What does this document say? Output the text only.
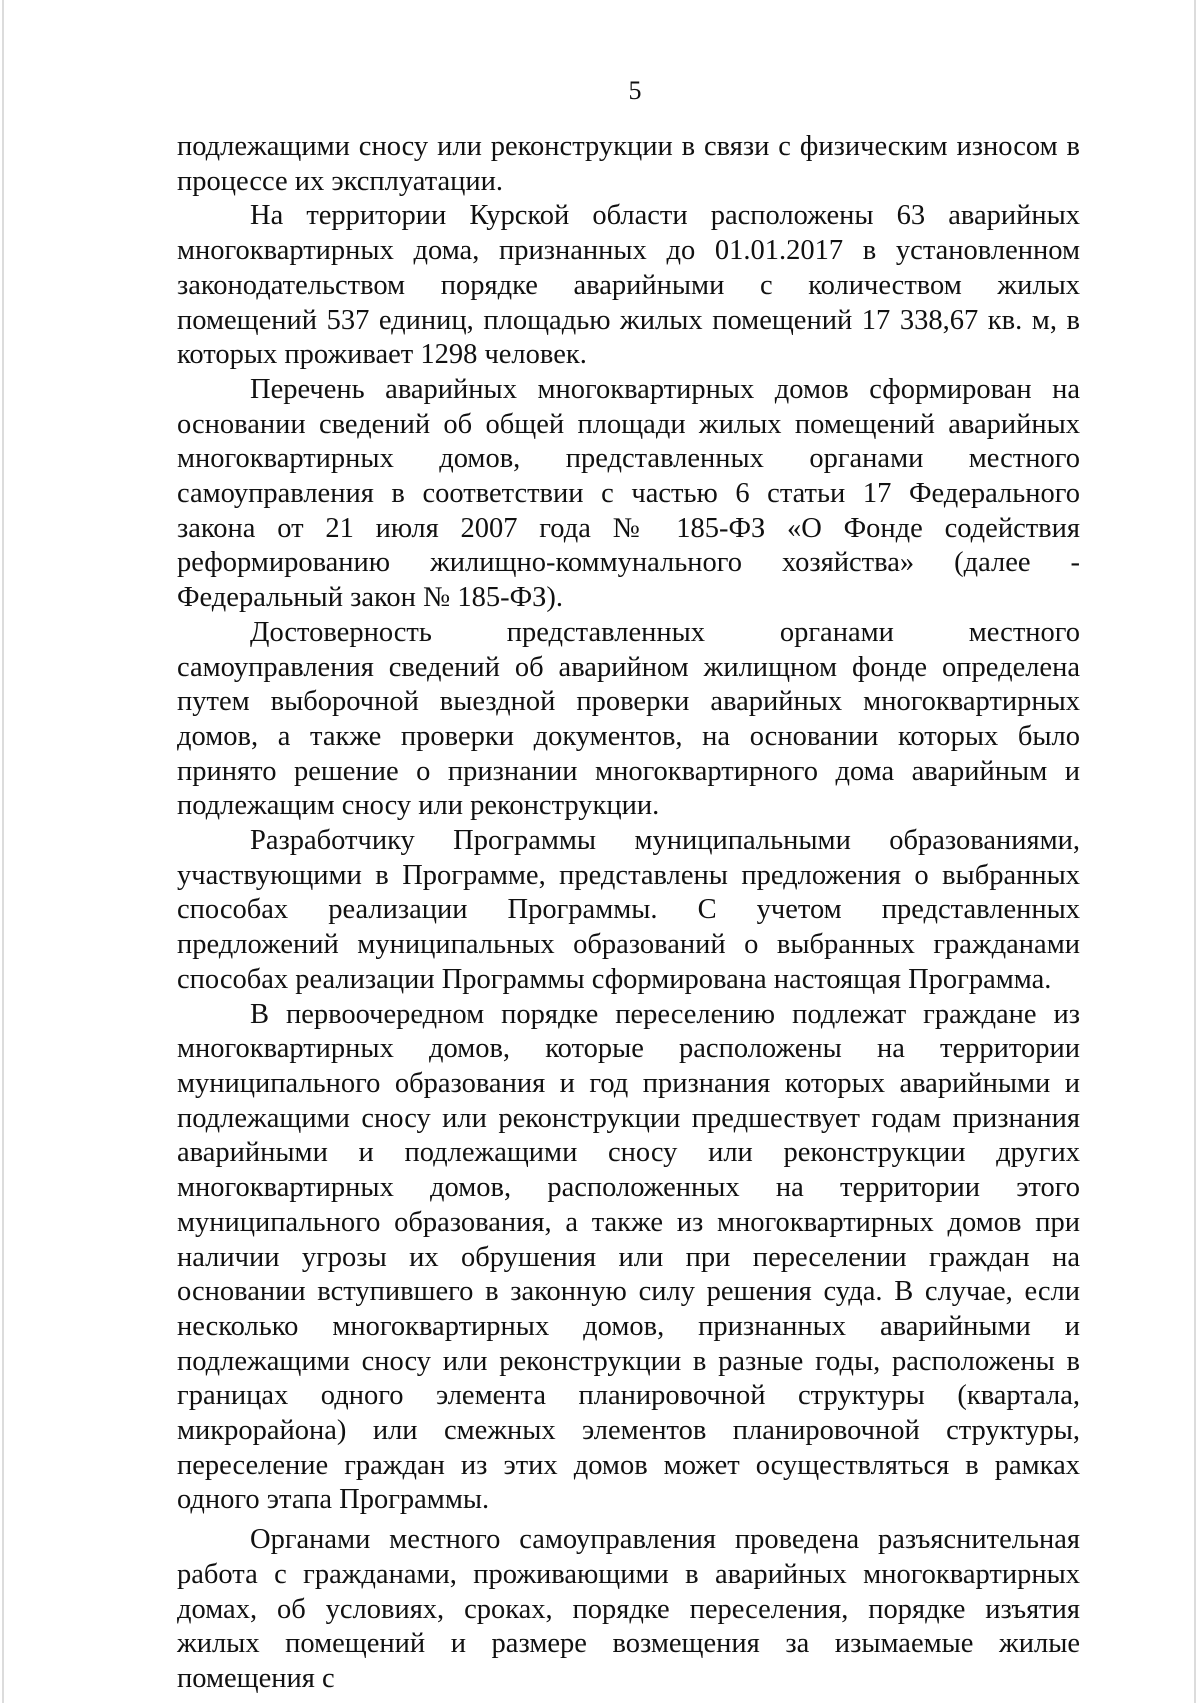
5

подлежащими сносу или реконструкции в связи с физическим износом в процессе их эксплуатации.

На территории Курской области расположены 63 аварийных многоквартирных дома, признанных до 01.01.2017 в установленном законодательством порядке аварийными с количеством жилых помещений 537 единиц, площадью жилых помещений 17 338,67 кв. м, в которых проживает 1298 человек.

Перечень аварийных многоквартирных домов сформирован на основании сведений об общей площади жилых помещений аварийных многоквартирных домов, представленных органами местного самоуправления в соответствии с частью 6 статьи 17 Федерального закона от 21 июля 2007 года № 185-ФЗ «О Фонде содействия реформированию жилищно-коммунального хозяйства» (далее - Федеральный закон № 185-ФЗ).

Достоверность представленных органами местного самоуправления сведений об аварийном жилищном фонде определена путем выборочной выездной проверки аварийных многоквартирных домов, а также проверки документов, на основании которых было принято решение о признании многоквартирного дома аварийным и подлежащим сносу или реконструкции.

Разработчику Программы муниципальными образованиями, участвующими в Программе, представлены предложения о выбранных способах реализации Программы. С учетом представленных предложений муниципальных образований о выбранных гражданами способах реализации Программы сформирована настоящая Программа.

В первоочередном порядке переселению подлежат граждане из многоквартирных домов, которые расположены на территории муниципального образования и год признания которых аварийными и подлежащими сносу или реконструкции предшествует годам признания аварийными и подлежащими сносу или реконструкции других многоквартирных домов, расположенных на территории этого муниципального образования, а также из многоквартирных домов при наличии угрозы их обрушения или при переселении граждан на основании вступившего в законную силу решения суда. В случае, если несколько многоквартирных домов, признанных аварийными и подлежащими сносу или реконструкции в разные годы, расположены в границах одного элемента планировочной структуры (квартала, микрорайона) или смежных элементов планировочной структуры, переселение граждан из этих домов может осуществляться в рамках одного этапа Программы.

Органами местного самоуправления проведена разъяснительная работа с гражданами, проживающими в аварийных многоквартирных домах, об условиях, сроках, порядке переселения, порядке изъятия жилых помещений и размере возмещения за изымаемые жилые помещения с
